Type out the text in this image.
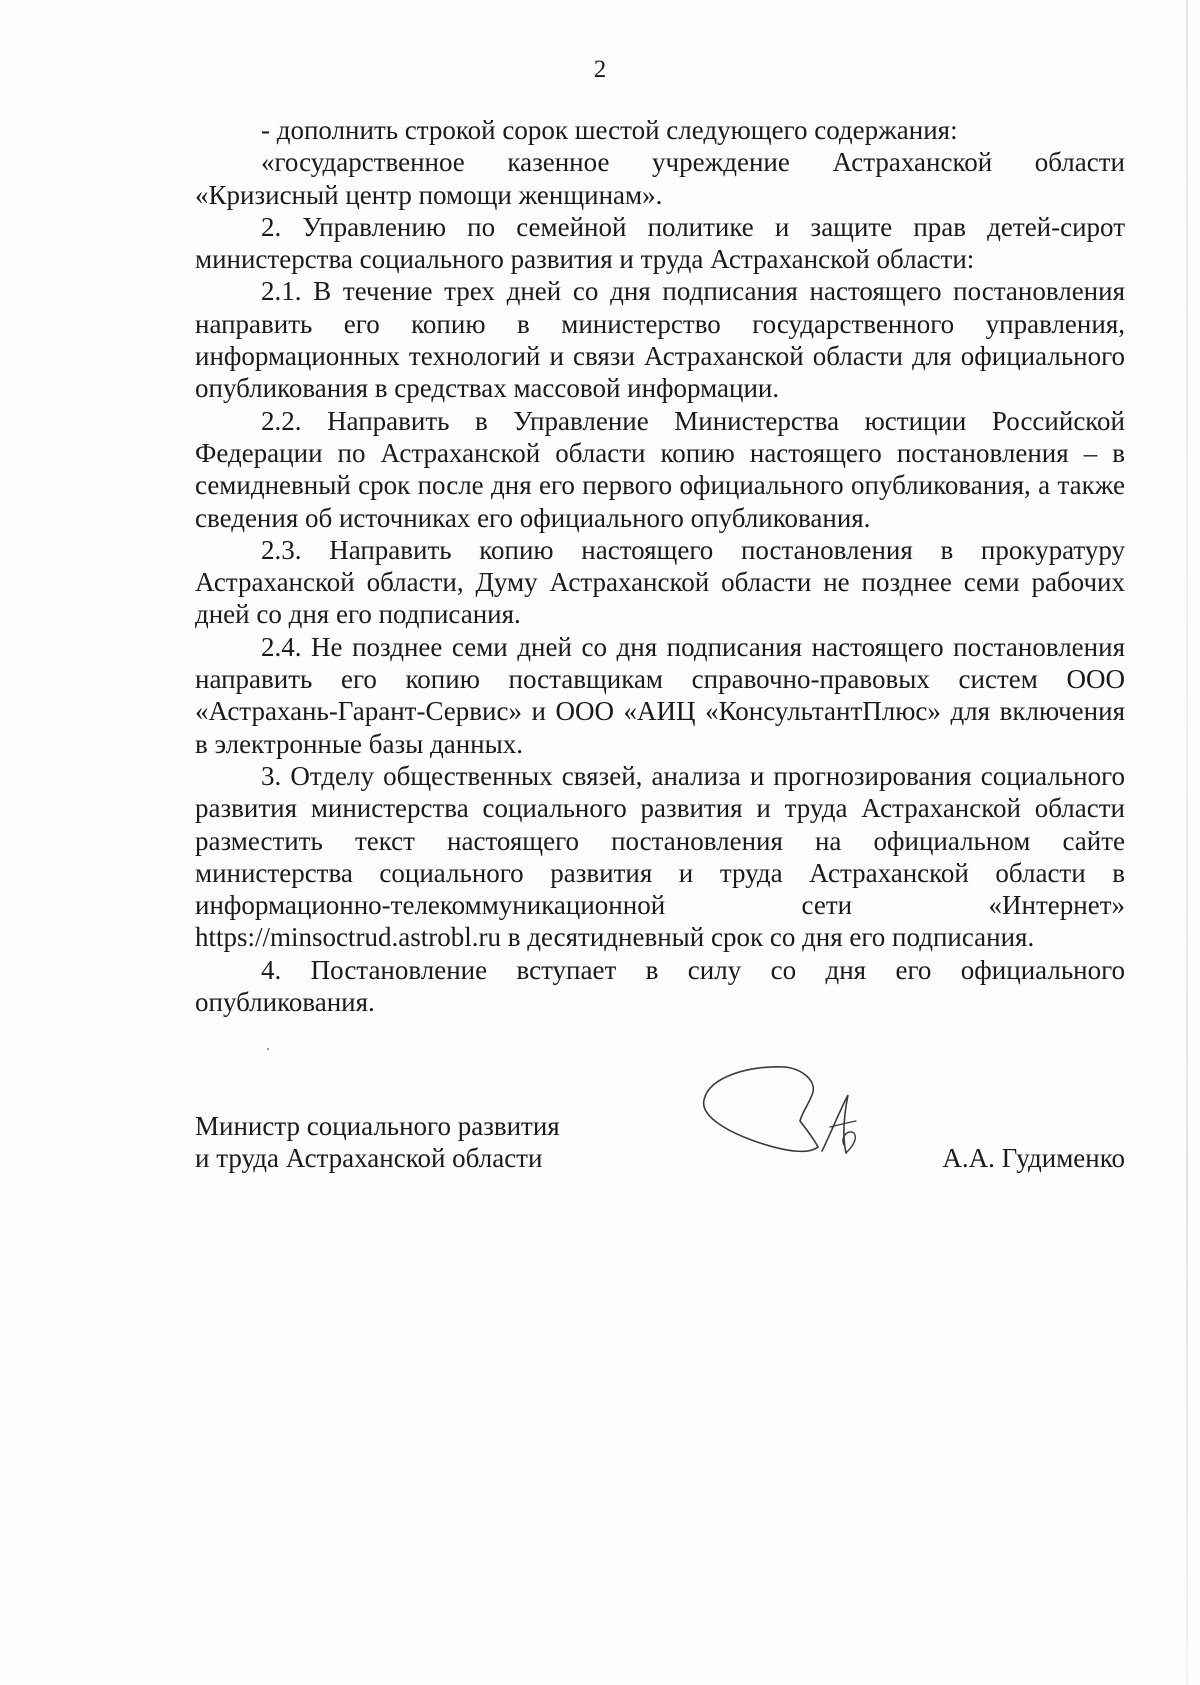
2

- дополнить строкой сорок шестой следующего содержания:

«государственное казенное учреждение Астраханской области «Кризисный центр помощи женщинам».

2. Управлению по семейной политике и защите прав детей-сирот министерства социального развития и труда Астраханской области:

2.1. В течение трех дней со дня подписания настоящего постановления направить его копию в министерство государственного управления, информационных технологий и связи Астраханской области для официального опубликования в средствах массовой информации.

2.2. Направить в Управление Министерства юстиции Российской Федерации по Астраханской области копию настоящего постановления – в семидневный срок после дня его первого официального опубликования, а также сведения об источниках его официального опубликования.

2.3. Направить копию настоящего постановления в прокуратуру Астраханской области, Думу Астраханской области не позднее семи рабочих дней со дня его подписания.

2.4. Не позднее семи дней со дня подписания настоящего постановления направить его копию поставщикам справочно-правовых систем ООО «Астрахань-Гарант-Сервис» и ООО «АИЦ «КонсультантПлюс» для включения в электронные базы данных.

3. Отделу общественных связей, анализа и прогнозирования социального развития министерства социального развития и труда Астраханской области разместить текст настоящего постановления на официальном сайте министерства социального развития и труда Астраханской области в информационно-телекоммуникационной сети «Интернет» https://minsoctrud.astrobl.ru в десятидневный срок со дня его подписания.

4. Постановление вступает в силу со дня его официального опубликования.

Министр социального развития
и труда Астраханской области	А.А. Гудименко
